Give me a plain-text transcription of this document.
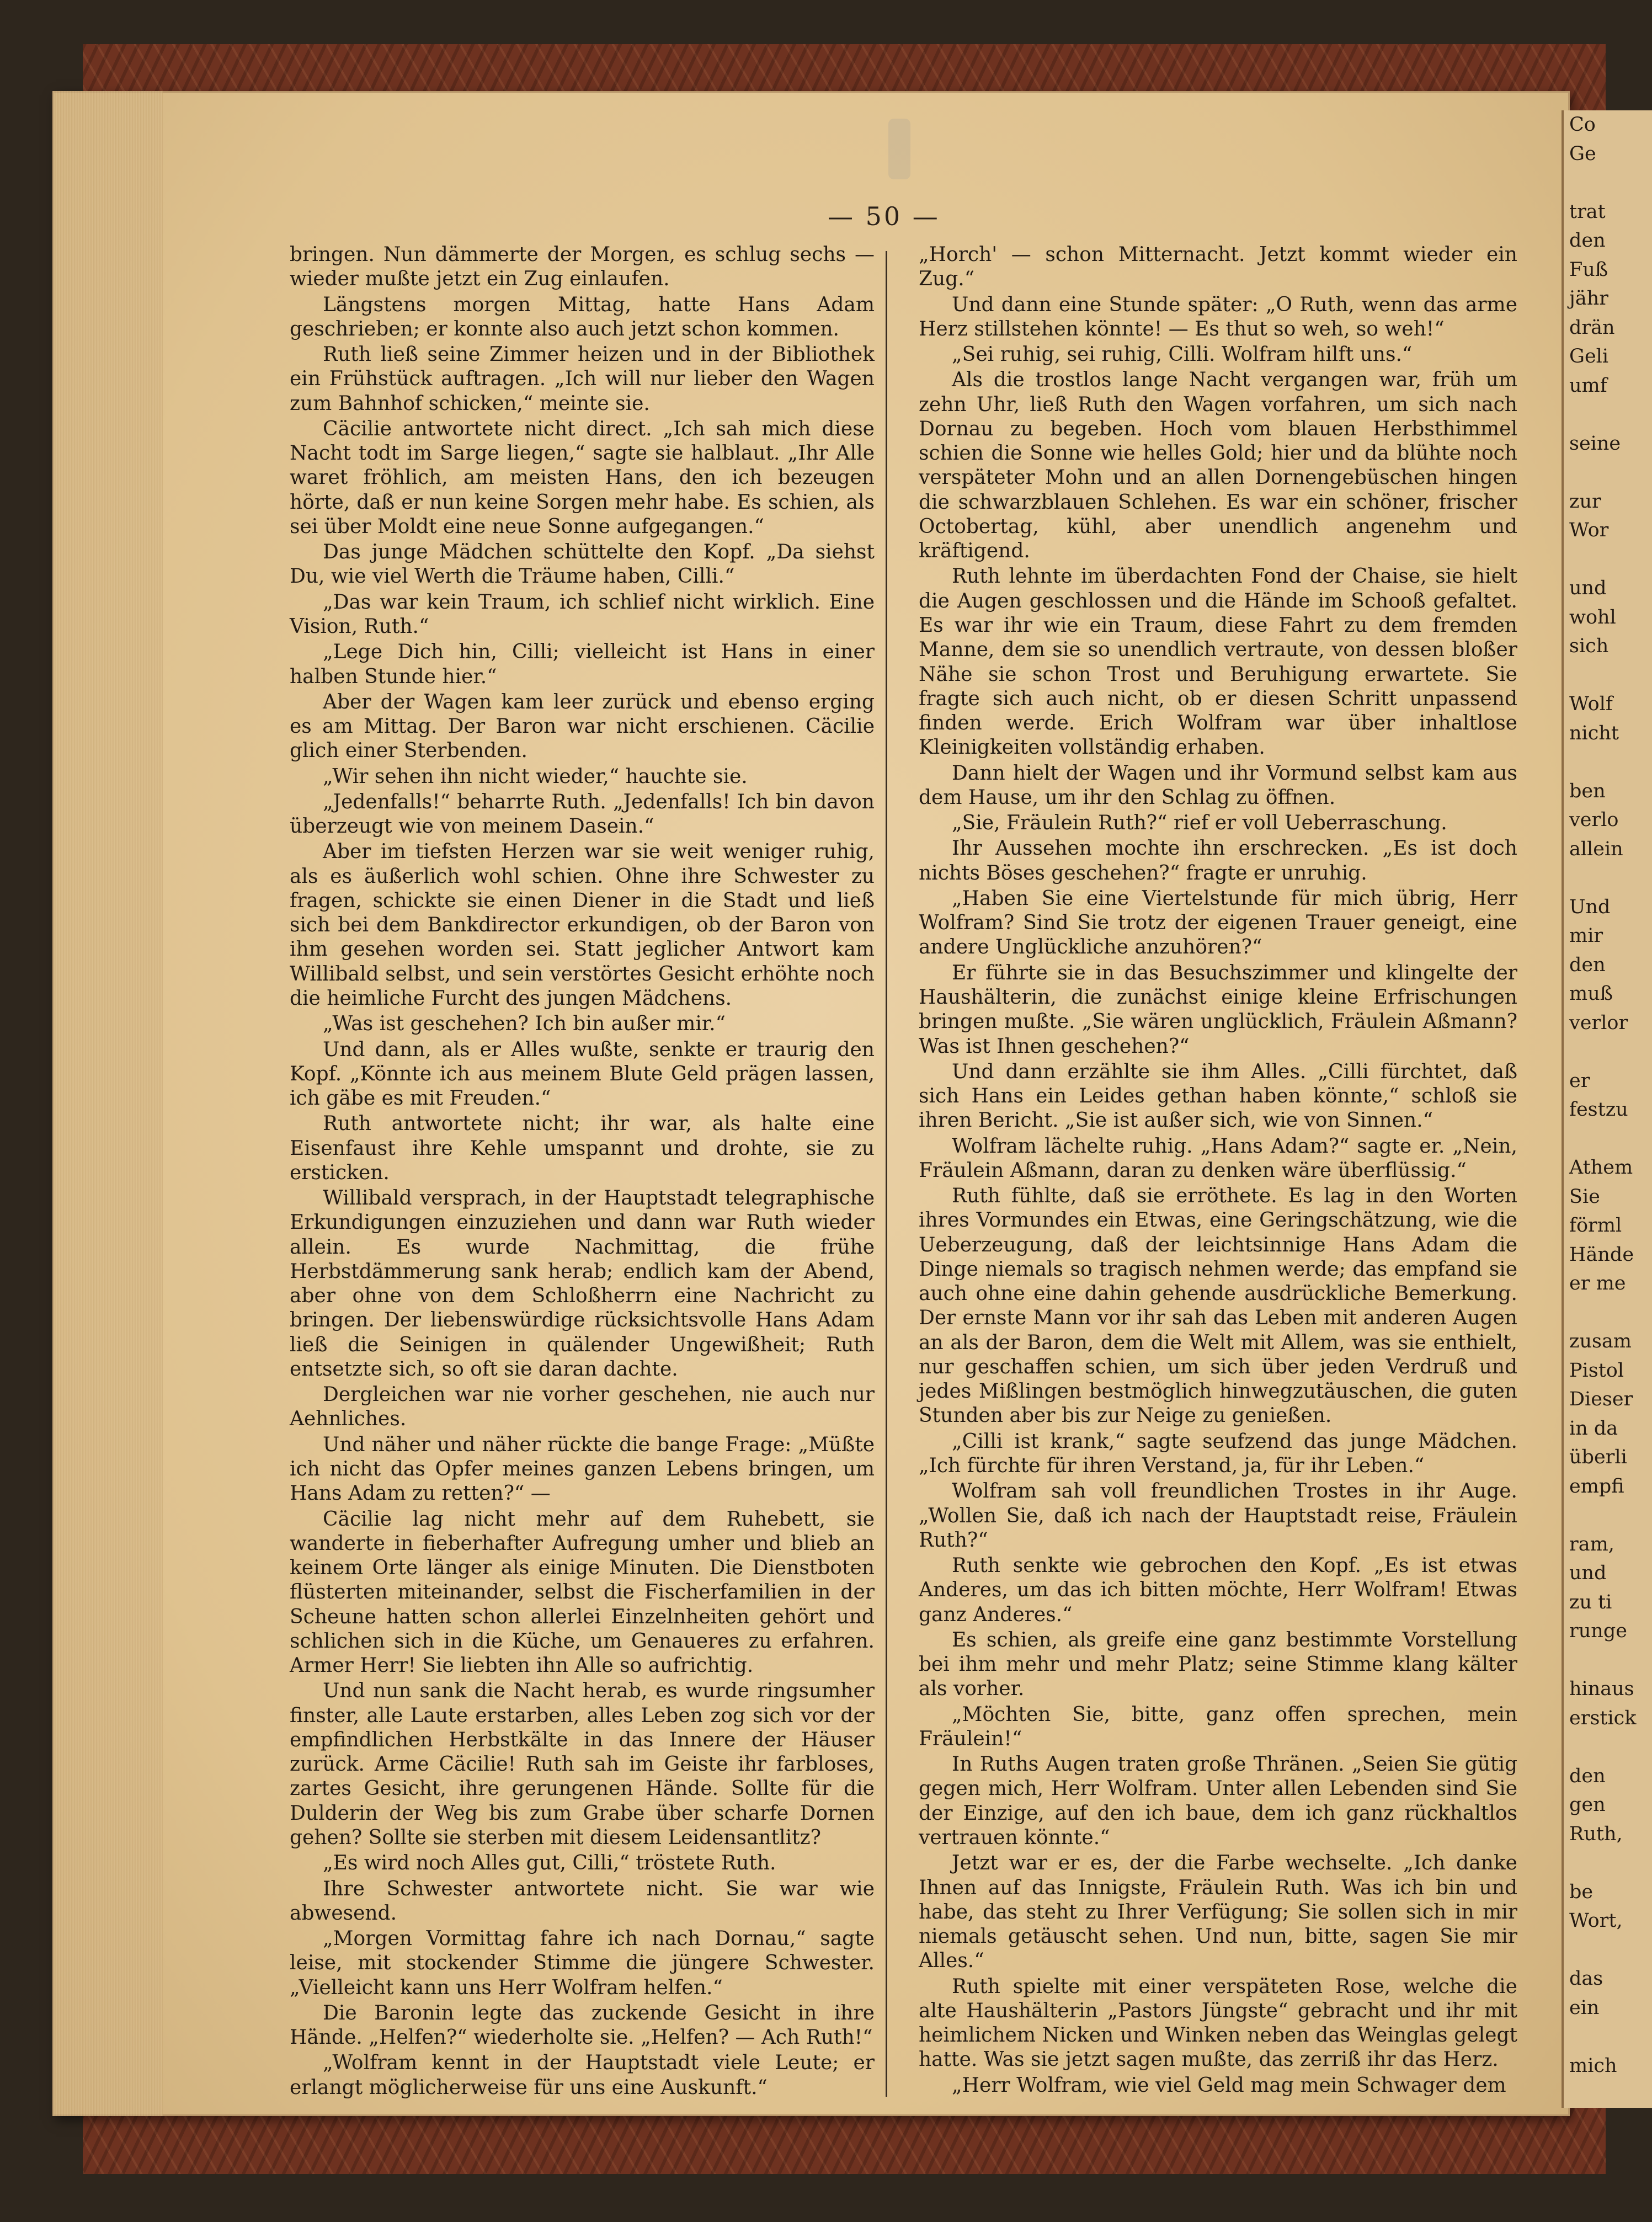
— 50 —

bringen. Nun dämmerte der Morgen, es schlug sechs — wieder mußte jetzt ein Zug einlaufen.

Längstens morgen Mittag, hatte Hans Adam geschrieben; er konnte also auch jetzt schon kommen.

Ruth ließ seine Zimmer heizen und in der Bibliothek ein Frühstück auftragen. „Ich will nur lieber den Wagen zum Bahnhof schicken,“ meinte sie.

Cäcilie antwortete nicht direct. „Ich sah mich diese Nacht todt im Sarge liegen,“ sagte sie halblaut. „Ihr Alle waret fröhlich, am meisten Hans, den ich bezeugen hörte, daß er nun keine Sorgen mehr habe. Es schien, als sei über Moldt eine neue Sonne aufgegangen.“

Das junge Mädchen schüttelte den Kopf. „Da siehst Du, wie viel Werth die Träume haben, Cilli.“

„Das war kein Traum, ich schlief nicht wirklich. Eine Vision, Ruth.“

„Lege Dich hin, Cilli; vielleicht ist Hans in einer halben Stunde hier.“

Aber der Wagen kam leer zurück und ebenso erging es am Mittag. Der Baron war nicht erschienen. Cäcilie glich einer Sterbenden.

„Wir sehen ihn nicht wieder,“ hauchte sie.

„Jedenfalls!“ beharrte Ruth. „Jedenfalls! Ich bin davon überzeugt wie von meinem Dasein.“

Aber im tiefsten Herzen war sie weit weniger ruhig, als es äußerlich wohl schien. Ohne ihre Schwester zu fragen, schickte sie einen Diener in die Stadt und ließ sich bei dem Bankdirector erkundigen, ob der Baron von ihm gesehen worden sei. Statt jeglicher Antwort kam Willibald selbst, und sein verstörtes Gesicht erhöhte noch die heimliche Furcht des jungen Mädchens.

„Was ist geschehen? Ich bin außer mir.“

Und dann, als er Alles wußte, senkte er traurig den Kopf. „Könnte ich aus meinem Blute Geld prägen lassen, ich gäbe es mit Freuden.“

Ruth antwortete nicht; ihr war, als halte eine Eisenfaust ihre Kehle umspannt und drohte, sie zu ersticken.

Willibald versprach, in der Hauptstadt telegraphische Erkundigungen einzuziehen und dann war Ruth wieder allein. Es wurde Nachmittag, die frühe Herbstdämmerung sank herab; endlich kam der Abend, aber ohne von dem Schloßherrn eine Nachricht zu bringen. Der liebenswürdige rücksichtsvolle Hans Adam ließ die Seinigen in quälender Ungewißheit; Ruth entsetzte sich, so oft sie daran dachte.

Dergleichen war nie vorher geschehen, nie auch nur Aehnliches.

Und näher und näher rückte die bange Frage: „Müßte ich nicht das Opfer meines ganzen Lebens bringen, um Hans Adam zu retten?“ —

Cäcilie lag nicht mehr auf dem Ruhebett, sie wanderte in fieberhafter Aufregung umher und blieb an keinem Orte länger als einige Minuten. Die Dienstboten flüsterten miteinander, selbst die Fischerfamilien in der Scheune hatten schon allerlei Einzelnheiten gehört und schlichen sich in die Küche, um Genaueres zu erfahren. Armer Herr! Sie liebten ihn Alle so aufrichtig.

Und nun sank die Nacht herab, es wurde ringsumher finster, alle Laute erstarben, alles Leben zog sich vor der empfindlichen Herbstkälte in das Innere der Häuser zurück. Arme Cäcilie! Ruth sah im Geiste ihr farbloses, zartes Gesicht, ihre gerungenen Hände. Sollte für die Dulderin der Weg bis zum Grabe über scharfe Dornen gehen? Sollte sie sterben mit diesem Leidensantlitz?

„Es wird noch Alles gut, Cilli,“ tröstete Ruth.

Ihre Schwester antwortete nicht. Sie war wie abwesend.

„Morgen Vormittag fahre ich nach Dornau,“ sagte leise, mit stockender Stimme die jüngere Schwester. „Vielleicht kann uns Herr Wolfram helfen.“

Die Baronin legte das zuckende Gesicht in ihre Hände. „Helfen?“ wiederholte sie. „Helfen? — Ach Ruth!“

„Wolfram kennt in der Hauptstadt viele Leute; er erlangt möglicherweise für uns eine Auskunft.“

„Horch' — schon Mitternacht. Jetzt kommt wieder ein Zug.“

Und dann eine Stunde später: „O Ruth, wenn das arme Herz stillstehen könnte! — Es thut so weh, so weh!“

„Sei ruhig, sei ruhig, Cilli. Wolfram hilft uns.“

Als die trostlos lange Nacht vergangen war, früh um zehn Uhr, ließ Ruth den Wagen vorfahren, um sich nach Dornau zu begeben. Hoch vom blauen Herbsthimmel schien die Sonne wie helles Gold; hier und da blühte noch verspäteter Mohn und an allen Dornengebüschen hingen die schwarzblauen Schlehen. Es war ein schöner, frischer Octobertag, kühl, aber unendlich angenehm und kräftigend.

Ruth lehnte im überdachten Fond der Chaise, sie hielt die Augen geschlossen und die Hände im Schooß gefaltet. Es war ihr wie ein Traum, diese Fahrt zu dem fremden Manne, dem sie so unendlich vertraute, von dessen bloßer Nähe sie schon Trost und Beruhigung erwartete. Sie fragte sich auch nicht, ob er diesen Schritt unpassend finden werde. Erich Wolfram war über inhaltlose Kleinigkeiten vollständig erhaben.

Dann hielt der Wagen und ihr Vormund selbst kam aus dem Hause, um ihr den Schlag zu öffnen.

„Sie, Fräulein Ruth?“ rief er voll Ueberraschung.

Ihr Aussehen mochte ihn erschrecken. „Es ist doch nichts Böses geschehen?“ fragte er unruhig.

„Haben Sie eine Viertelstunde für mich übrig, Herr Wolfram? Sind Sie trotz der eigenen Trauer geneigt, eine andere Unglückliche anzuhören?“

Er führte sie in das Besuchszimmer und klingelte der Haushälterin, die zunächst einige kleine Erfrischungen bringen mußte. „Sie wären unglücklich, Fräulein Aßmann? Was ist Ihnen geschehen?“

Und dann erzählte sie ihm Alles. „Cilli fürchtet, daß sich Hans ein Leides gethan haben könnte,“ schloß sie ihren Bericht. „Sie ist außer sich, wie von Sinnen.“

Wolfram lächelte ruhig. „Hans Adam?“ sagte er. „Nein, Fräulein Aßmann, daran zu denken wäre überflüssig.“

Ruth fühlte, daß sie erröthete. Es lag in den Worten ihres Vormundes ein Etwas, eine Geringschätzung, wie die Ueberzeugung, daß der leichtsinnige Hans Adam die Dinge niemals so tragisch nehmen werde; das empfand sie auch ohne eine dahin gehende ausdrückliche Bemerkung. Der ernste Mann vor ihr sah das Leben mit anderen Augen an als der Baron, dem die Welt mit Allem, was sie enthielt, nur geschaffen schien, um sich über jeden Verdruß und jedes Mißlingen bestmöglich hinwegzutäuschen, die guten Stunden aber bis zur Neige zu genießen.

„Cilli ist krank,“ sagte seufzend das junge Mädchen. „Ich fürchte für ihren Verstand, ja, für ihr Leben.“

Wolfram sah voll freundlichen Trostes in ihr Auge. „Wollen Sie, daß ich nach der Hauptstadt reise, Fräulein Ruth?“

Ruth senkte wie gebrochen den Kopf. „Es ist etwas Anderes, um das ich bitten möchte, Herr Wolfram! Etwas ganz Anderes.“

Es schien, als greife eine ganz bestimmte Vorstellung bei ihm mehr und mehr Platz; seine Stimme klang kälter als vorher.

„Möchten Sie, bitte, ganz offen sprechen, mein Fräulein!“

In Ruths Augen traten große Thränen. „Seien Sie gütig gegen mich, Herr Wolfram. Unter allen Lebenden sind Sie der Einzige, auf den ich baue, dem ich ganz rückhaltlos vertrauen könnte.“

Jetzt war er es, der die Farbe wechselte. „Ich danke Ihnen auf das Innigste, Fräulein Ruth. Was ich bin und habe, das steht zu Ihrer Verfügung; Sie sollen sich in mir niemals getäuscht sehen. Und nun, bitte, sagen Sie mir Alles.“

Ruth spielte mit einer verspäteten Rose, welche die alte Haushälterin „Pastors Jüngste“ gebracht und ihr mit heimlichem Nicken und Winken neben das Weinglas gelegt hatte. Was sie jetzt sagen mußte, das zerriß ihr das Herz.

„Herr Wolfram, wie viel Geld mag mein Schwager dem

Co
Ge

trat
den
Fuß
jähr
drän
Geli
umf

seine

zur
Wor

und
wohl
sich

Wolf
nicht

ben
verlo
allein

Und
mir
den
muß
verlor

er
festzu

Athem
Sie
förml
Hände
er me

zusam
Pistol
Dieser
in da
überli
empfi

ram,
und
zu ti
runge

hinaus
erstick

den
gen
Ruth,

be
Wort,

das
ein

mich
